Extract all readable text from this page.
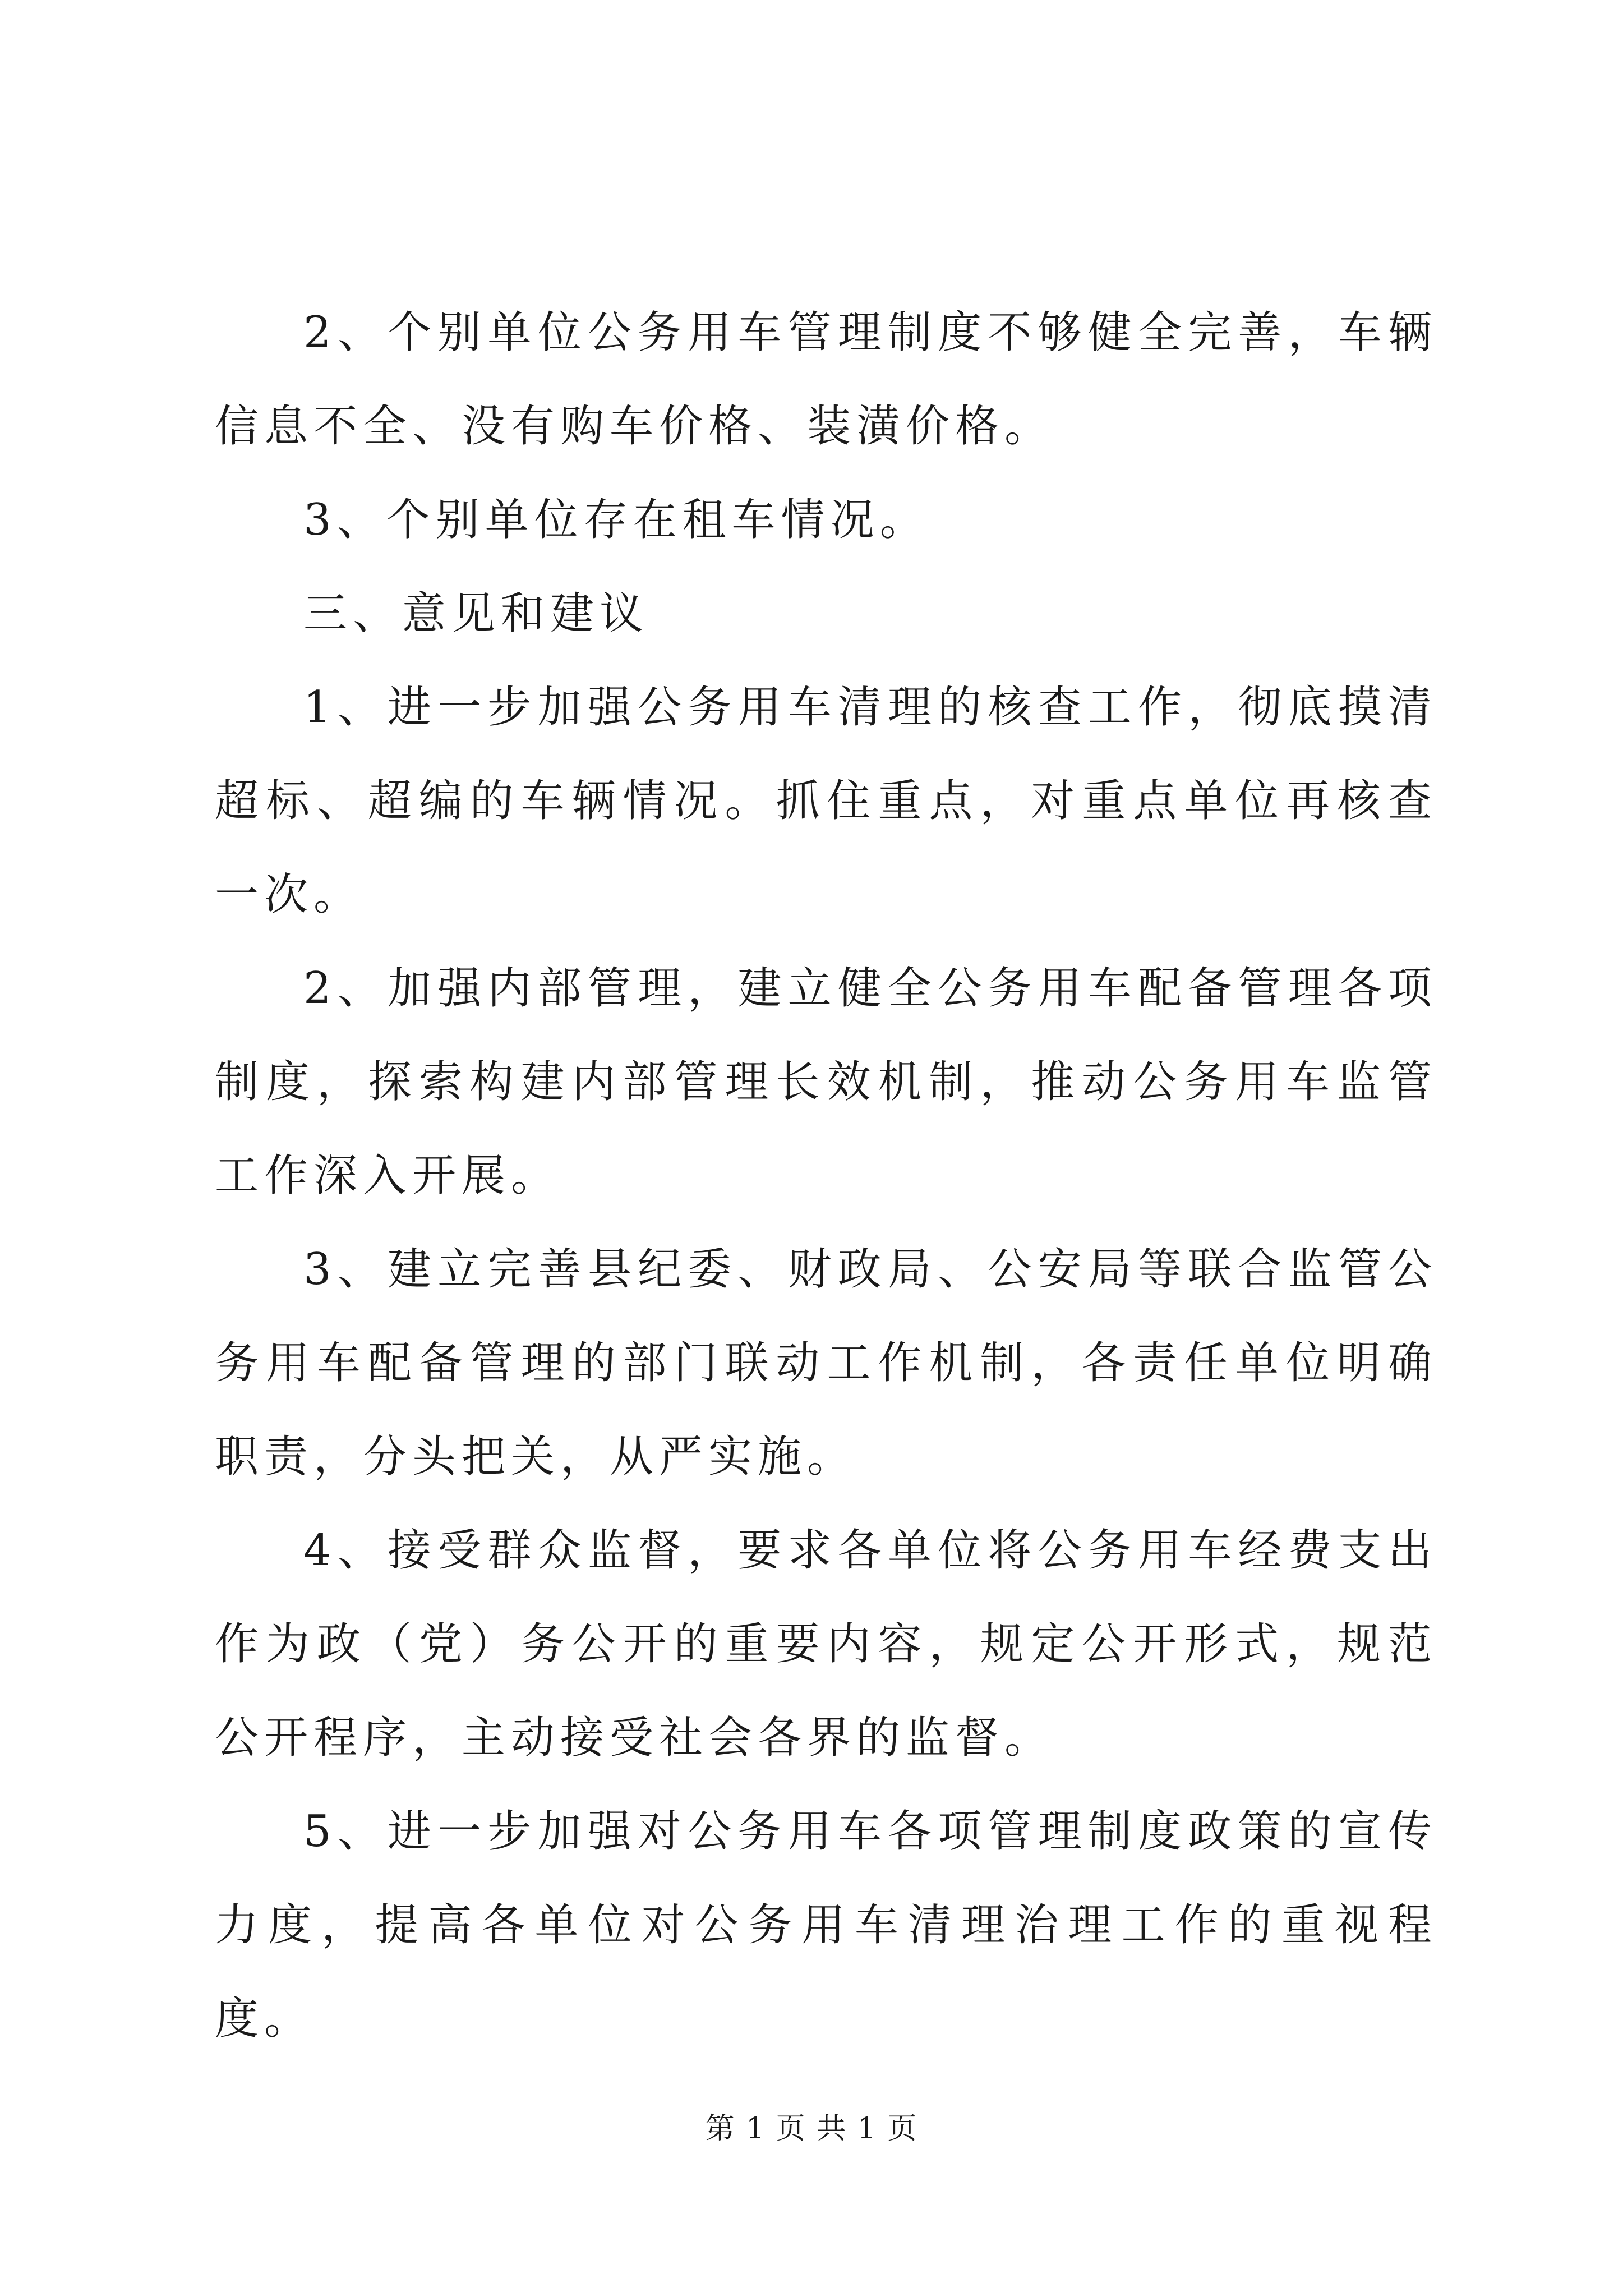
2、个别单位公务用车管理制度不够健全完善，车辆信息不全、没有购车价格、装潢价格。

3、个别单位存在租车情况。

三、意见和建议

1、进一步加强公务用车清理的核查工作，彻底摸清超标、超编的车辆情况。抓住重点，对重点单位再核查一次。

2、加强内部管理，建立健全公务用车配备管理各项制度，探索构建内部管理长效机制，推动公务用车监管工作深入开展。

3、建立完善县纪委、财政局、公安局等联合监管公务用车配备管理的部门联动工作机制，各责任单位明确职责，分头把关，从严实施。

4、接受群众监督，要求各单位将公务用车经费支出作为政（党）务公开的重要内容，规定公开形式，规范公开程序，主动接受社会各界的监督。

5、进一步加强对公务用车各项管理制度政策的宣传力度，提高各单位对公务用车清理治理工作的重视程度。

第 1 页 共 1 页
